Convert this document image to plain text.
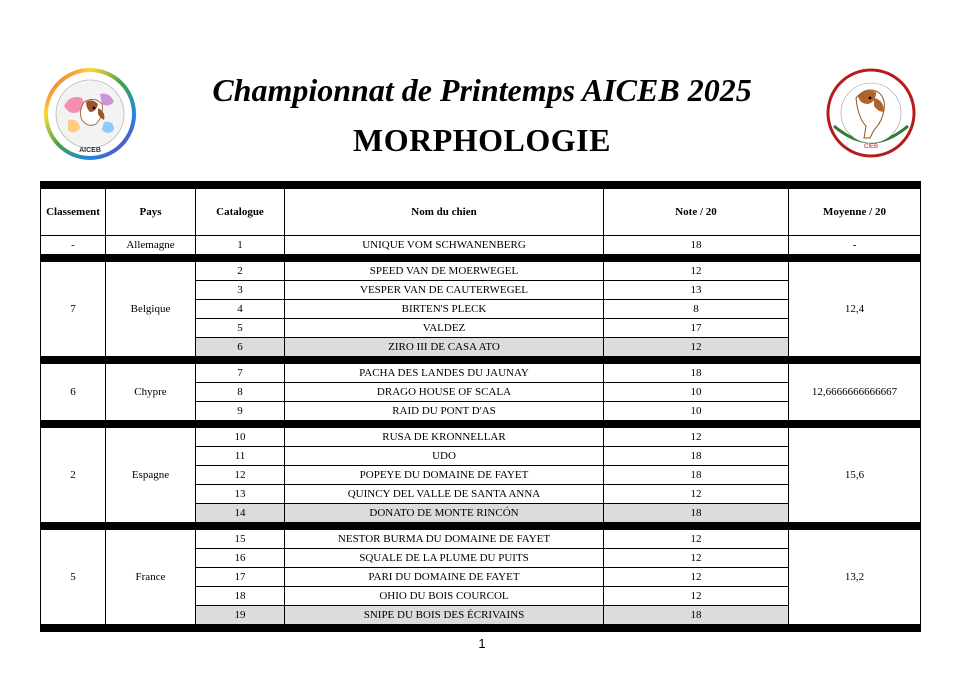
AICEB	CIEB
Championnat de Printemps AICEB 2025
MORPHOLOGIE

Classement	Pays	Catalogue	Nom du chien	Note / 20	Moyenne / 20
-	Allemagne	1	UNIQUE VOM SCHWANENBERG	18	-

7	Belgique	2	SPEED VAN DE MOERWEGEL	12	12,4
		3	VESPER VAN DE CAUTERWEGEL	13	
		4	BIRTEN'S PLECK	8	
		5	VALDEZ	17	
		6	ZIRO III DE CASA ATO	12	

6	Chypre	7	PACHA DES LANDES DU JAUNAY	18	12,6666666666667
		8	DRAGO HOUSE OF SCALA	10	
		9	RAID DU PONT D'AS	10	

2	Espagne	10	RUSA DE KRONNELLAR	12	15,6
		11	UDO	18	
		12	POPEYE DU DOMAINE DE FAYET	18	
		13	QUINCY DEL VALLE DE SANTA ANNA	12	
		14	DONATO DE MONTE RINCÓN	18	

5	France	15	NESTOR BURMA DU DOMAINE DE FAYET	12	13,2
		16	SQUALE DE LA PLUME DU PUITS	12	
		17	PARI DU DOMAINE DE FAYET	12	
		18	OHIO DU BOIS COURCOL	12	
		19	SNIPE DU BOIS DES ÉCRIVAINS	18	

1
